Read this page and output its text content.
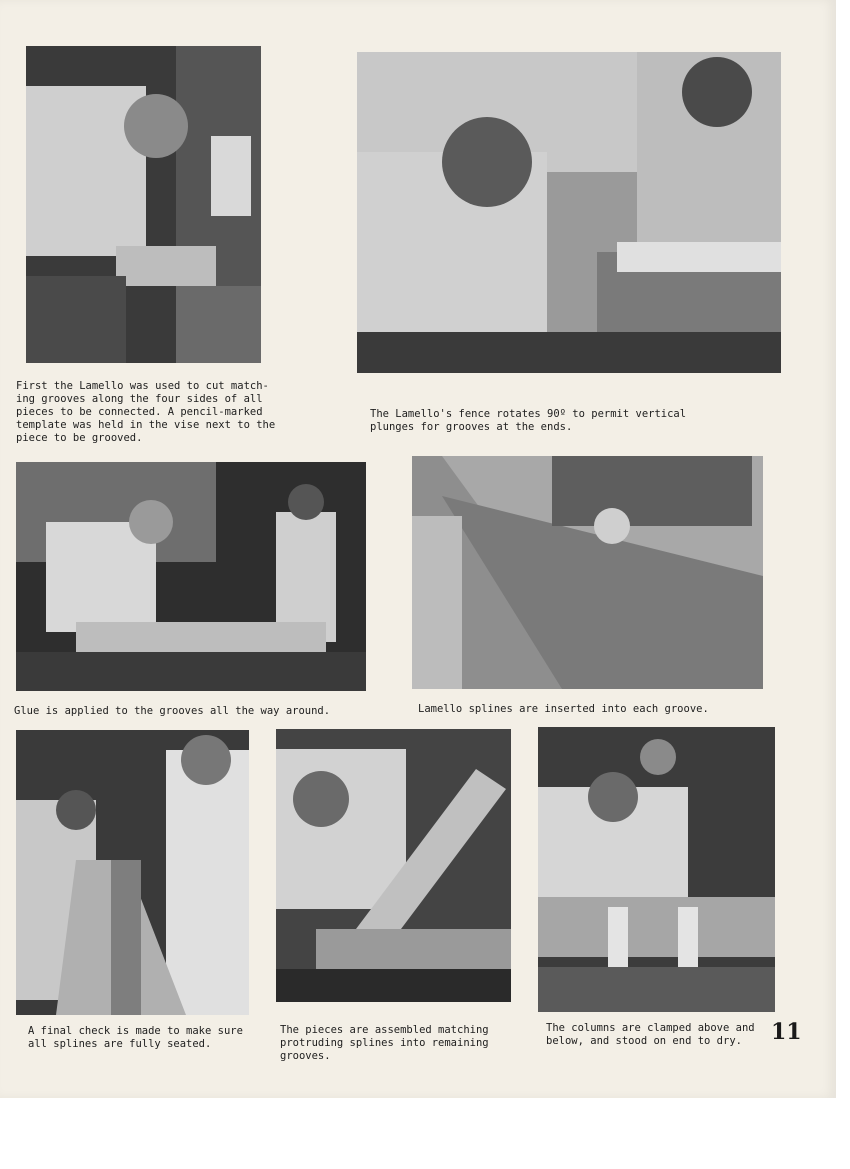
First the Lamello was used to cut match-
ing grooves along the four sides of all
pieces to be connected. A pencil-marked
template was held in the vise next to the
piece to be grooved.
The Lamello's fence rotates 90º to permit vertical
plunges for grooves at the ends.
Glue is applied to the grooves all the way around.	Lamello splines are inserted into each groove.
A final check is made to make sure
all splines are fully seated.
The pieces are assembled matching
protruding splines into remaining
grooves.
The columns are clamped above and
below, and stood on end to dry.	11
